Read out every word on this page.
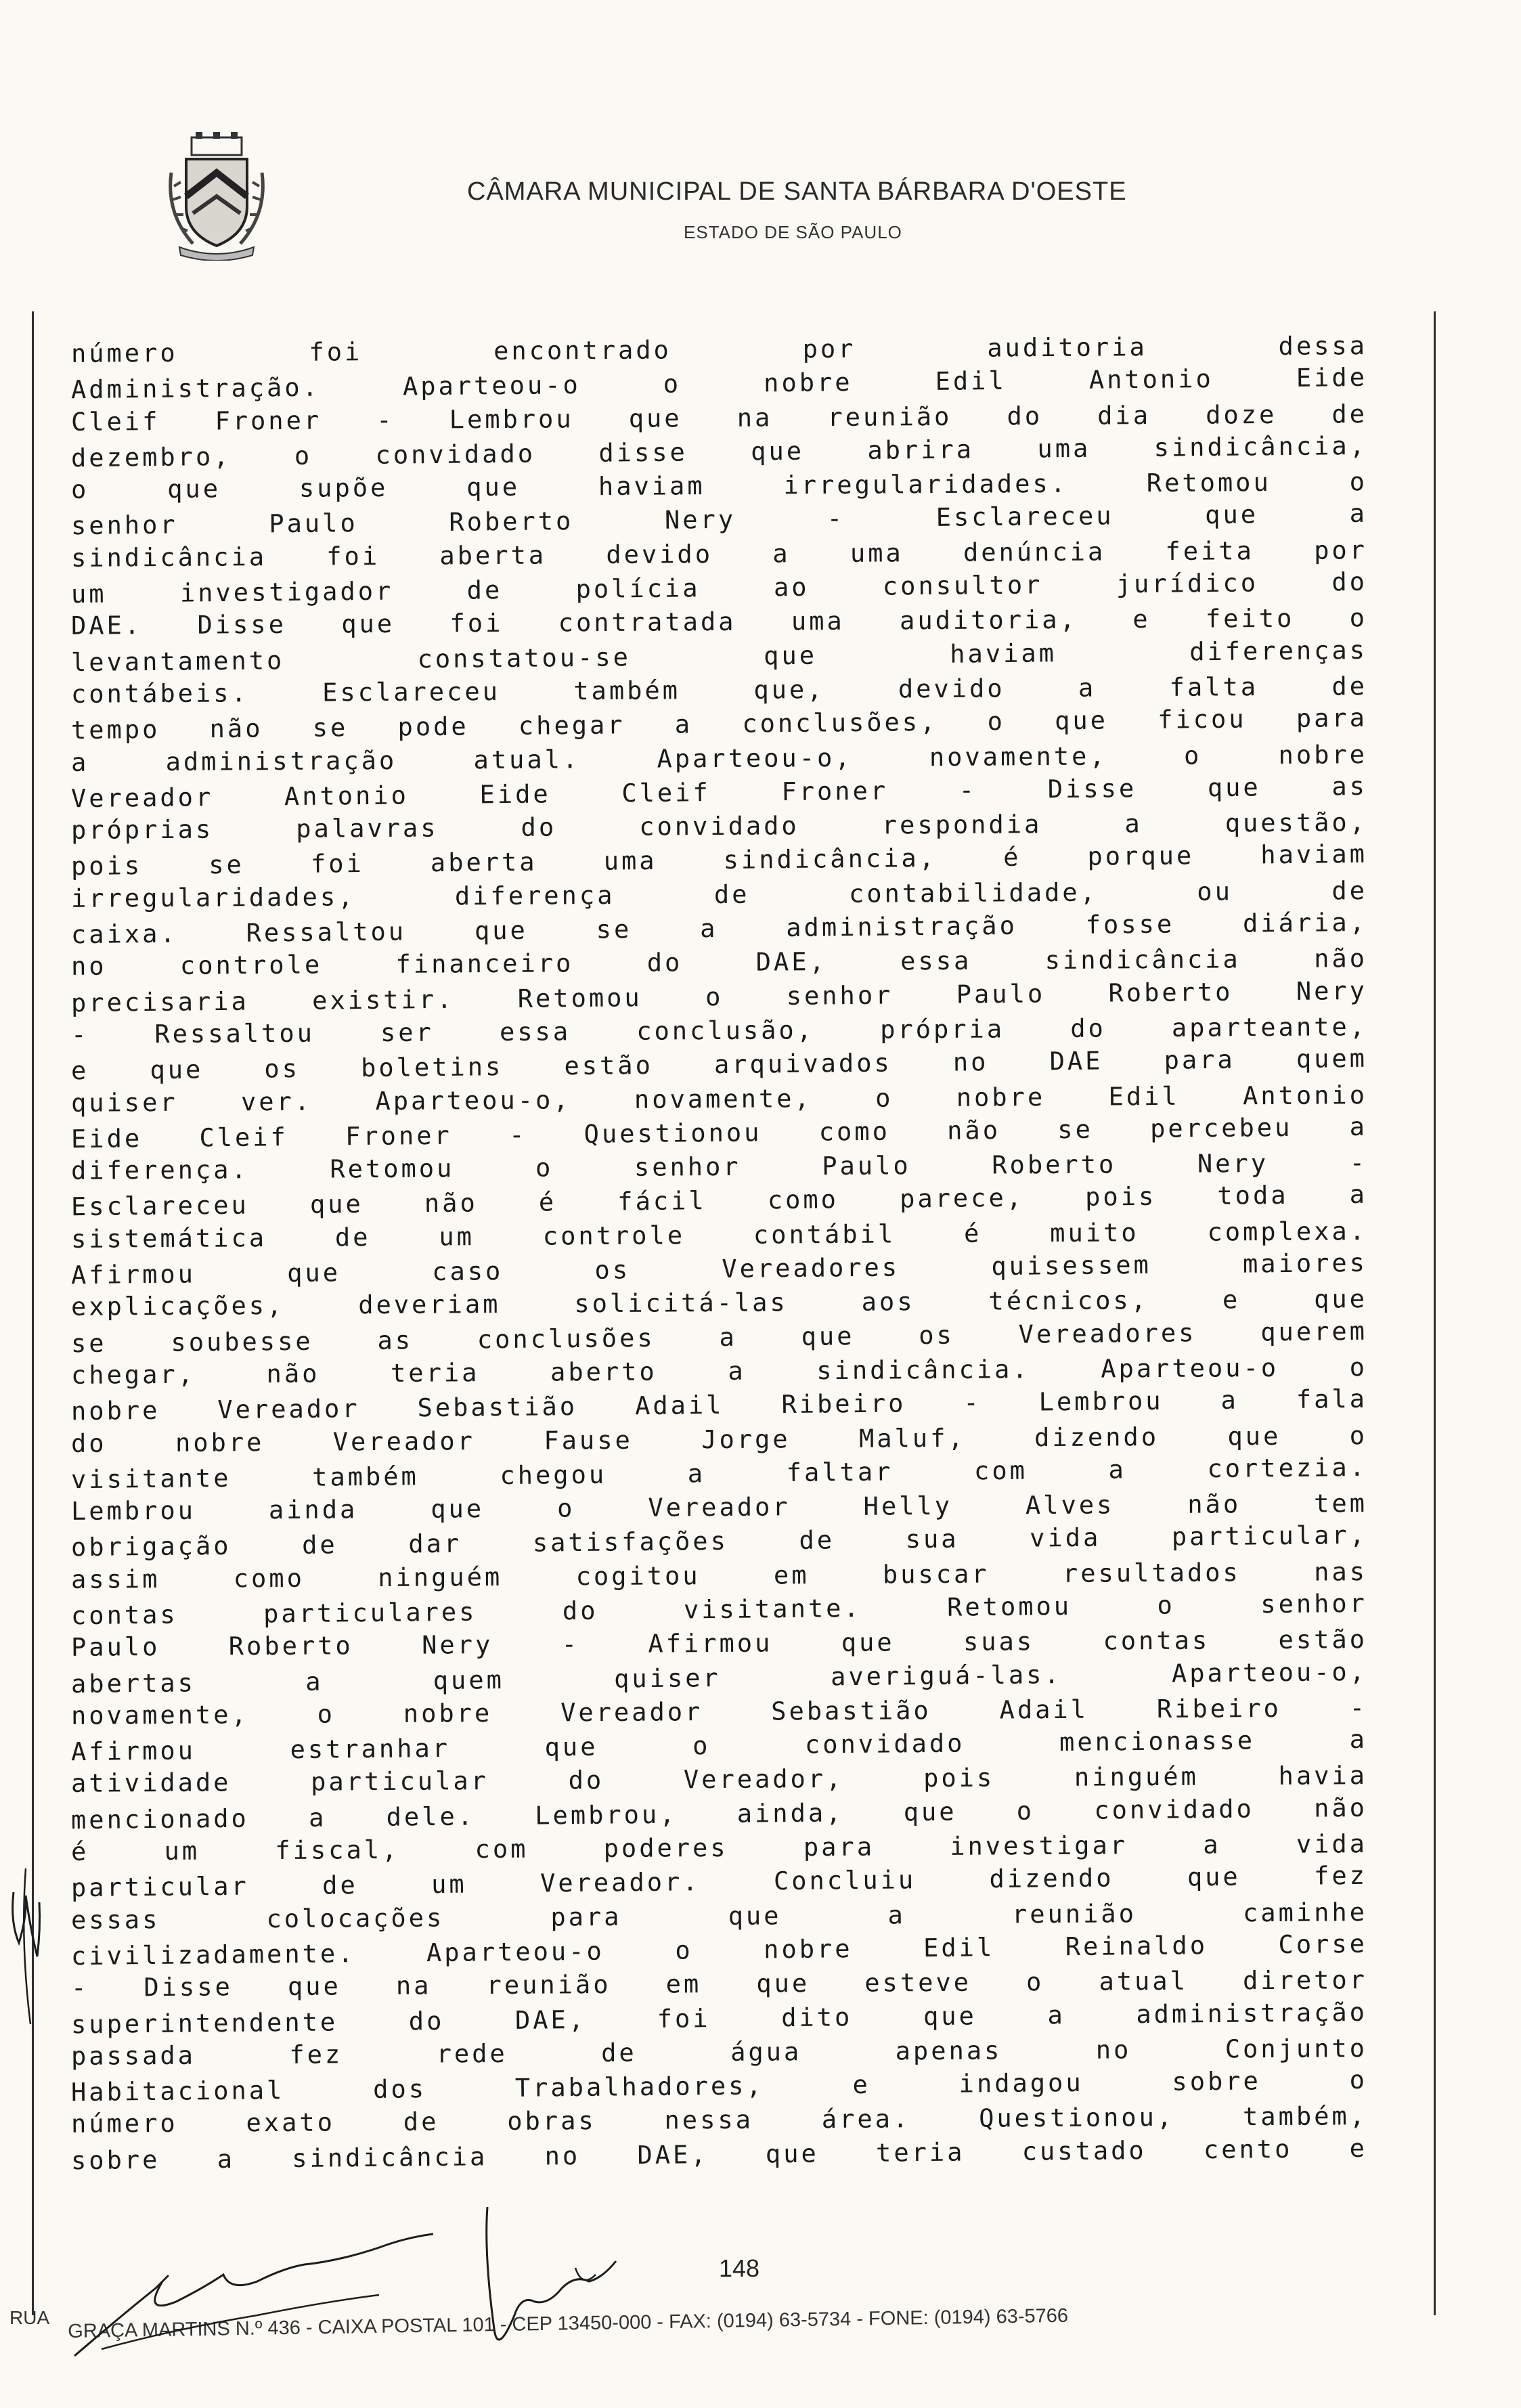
CÂMARA MUNICIPAL DE SANTA BÁRBARA D'OESTE
ESTADO DE SÃO PAULO
número foi encontrado por auditoria dessa
Administração. Aparteou-o o nobre Edil Antonio Eide
Cleif Froner - Lembrou que na reunião do dia doze de
dezembro, o convidado disse que abrira uma sindicância,
o que supõe que haviam irregularidades. Retomou o
senhor Paulo Roberto Nery - Esclareceu que a
sindicância foi aberta devido a uma denúncia feita por
um investigador de polícia ao consultor jurídico do
DAE. Disse que foi contratada uma auditoria, e feito o
levantamento constatou-se que haviam diferenças
contábeis. Esclareceu também que, devido a falta de
tempo não se pode chegar a conclusões, o que ficou para
a administração atual. Aparteou-o, novamente, o nobre
Vereador Antonio Eide Cleif Froner - Disse que as
próprias palavras do convidado respondia a questão,
pois se foi aberta uma sindicância, é porque haviam
irregularidades, diferença de contabilidade, ou de
caixa. Ressaltou que se a administração fosse diária,
no controle financeiro do DAE, essa sindicância não
precisaria existir. Retomou o senhor Paulo Roberto Nery
- Ressaltou ser essa conclusão, própria do aparteante,
e que os boletins estão arquivados no DAE para quem
quiser ver. Aparteou-o, novamente, o nobre Edil Antonio
Eide Cleif Froner - Questionou como não se percebeu a
diferença. Retomou o senhor Paulo Roberto Nery -
Esclareceu que não é fácil como parece, pois toda a
sistemática de um controle contábil é muito complexa.
Afirmou que caso os Vereadores quisessem maiores
explicações, deveriam solicitá-las aos técnicos, e que
se soubesse as conclusões a que os Vereadores querem
chegar, não teria aberto a sindicância. Aparteou-o o
nobre Vereador Sebastião Adail Ribeiro - Lembrou a fala
do nobre Vereador Fause Jorge Maluf, dizendo que o
visitante também chegou a faltar com a cortezia.
Lembrou ainda que o Vereador Helly Alves não tem
obrigação de dar satisfações de sua vida particular,
assim como ninguém cogitou em buscar resultados nas
contas particulares do visitante. Retomou o senhor
Paulo Roberto Nery - Afirmou que suas contas estão
abertas a quem quiser averiguá-las. Aparteou-o,
novamente, o nobre Vereador Sebastião Adail Ribeiro -
Afirmou estranhar que o convidado mencionasse a
atividade particular do Vereador, pois ninguém havia
mencionado a dele. Lembrou, ainda, que o convidado não
é um fiscal, com poderes para investigar a vida
particular de um Vereador. Concluiu dizendo que fez
essas colocações para que a reunião caminhe
civilizadamente. Aparteou-o o nobre Edil Reinaldo Corse
- Disse que na reunião em que esteve o atual diretor
superintendente do DAE, foi dito que a administração
passada fez rede de água apenas no Conjunto
Habitacional dos Trabalhadores, e indagou sobre o
número exato de obras nessa área. Questionou, também,
sobre a sindicância no DAE, que teria custado cento e
148
RUA GRAÇA MARTINS N.º 436 - CAIXA POSTAL 101 - CEP 13450-000 - FAX: (0194) 63-5734 - FONE: (0194) 63-5766
